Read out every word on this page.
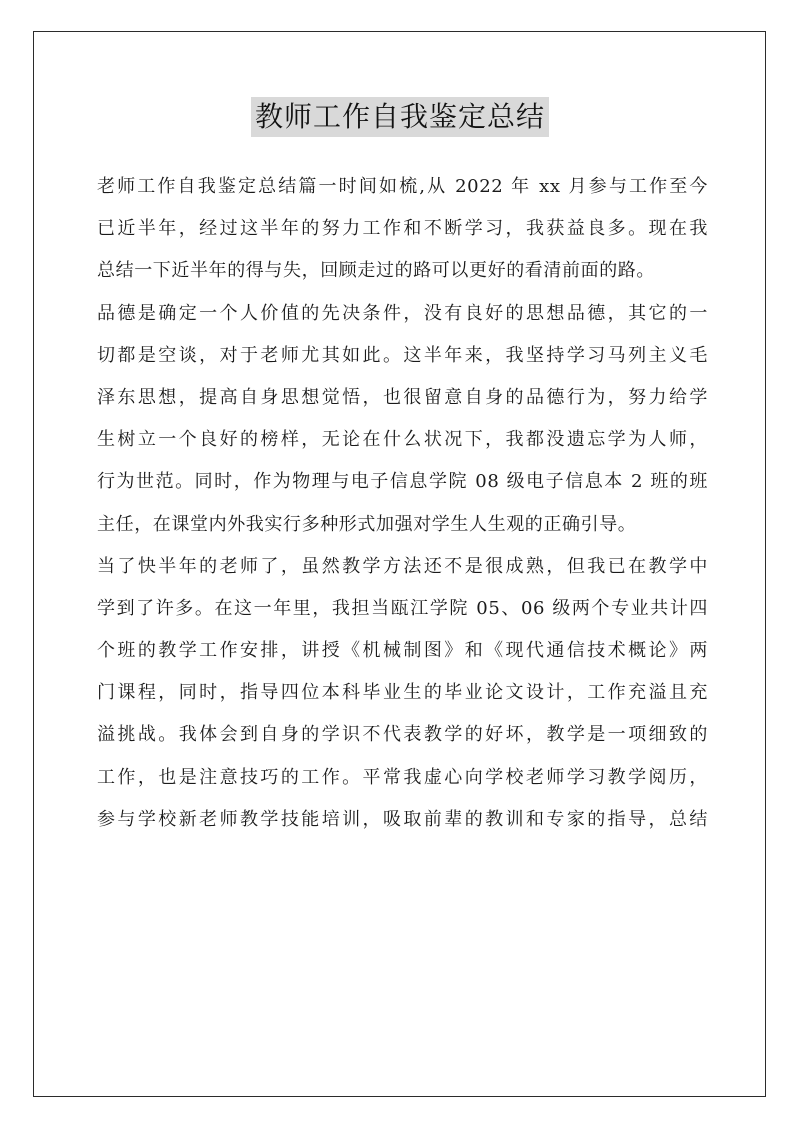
教师工作自我鉴定总结
老师工作自我鉴定总结篇一时间如梳,从 2022 年 xx 月参与工作至今
已近半年，经过这半年的努力工作和不断学习，我获益良多。现在我
总结一下近半年的得与失，回顾走过的路可以更好的看清前面的路。
品德是确定一个人价值的先决条件，没有良好的思想品德，其它的一
切都是空谈，对于老师尤其如此。这半年来，我坚持学习马列主义毛
泽东思想，提高自身思想觉悟，也很留意自身的品德行为，努力给学
生树立一个良好的榜样，无论在什么状况下，我都没遗忘学为人师，
行为世范。同时，作为物理与电子信息学院 08 级电子信息本 2 班的班
主任，在课堂内外我实行多种形式加强对学生人生观的正确引导。
当了快半年的老师了，虽然教学方法还不是很成熟，但我已在教学中
学到了许多。在这一年里，我担当瓯江学院 05、06 级两个专业共计四
个班的教学工作安排，讲授《机械制图》和《现代通信技术概论》两
门课程，同时，指导四位本科毕业生的毕业论文设计，工作充溢且充
溢挑战。我体会到自身的学识不代表教学的好坏，教学是一项细致的
工作，也是注意技巧的工作。平常我虚心向学校老师学习教学阅历，
参与学校新老师教学技能培训，吸取前辈的教训和专家的指导，总结
